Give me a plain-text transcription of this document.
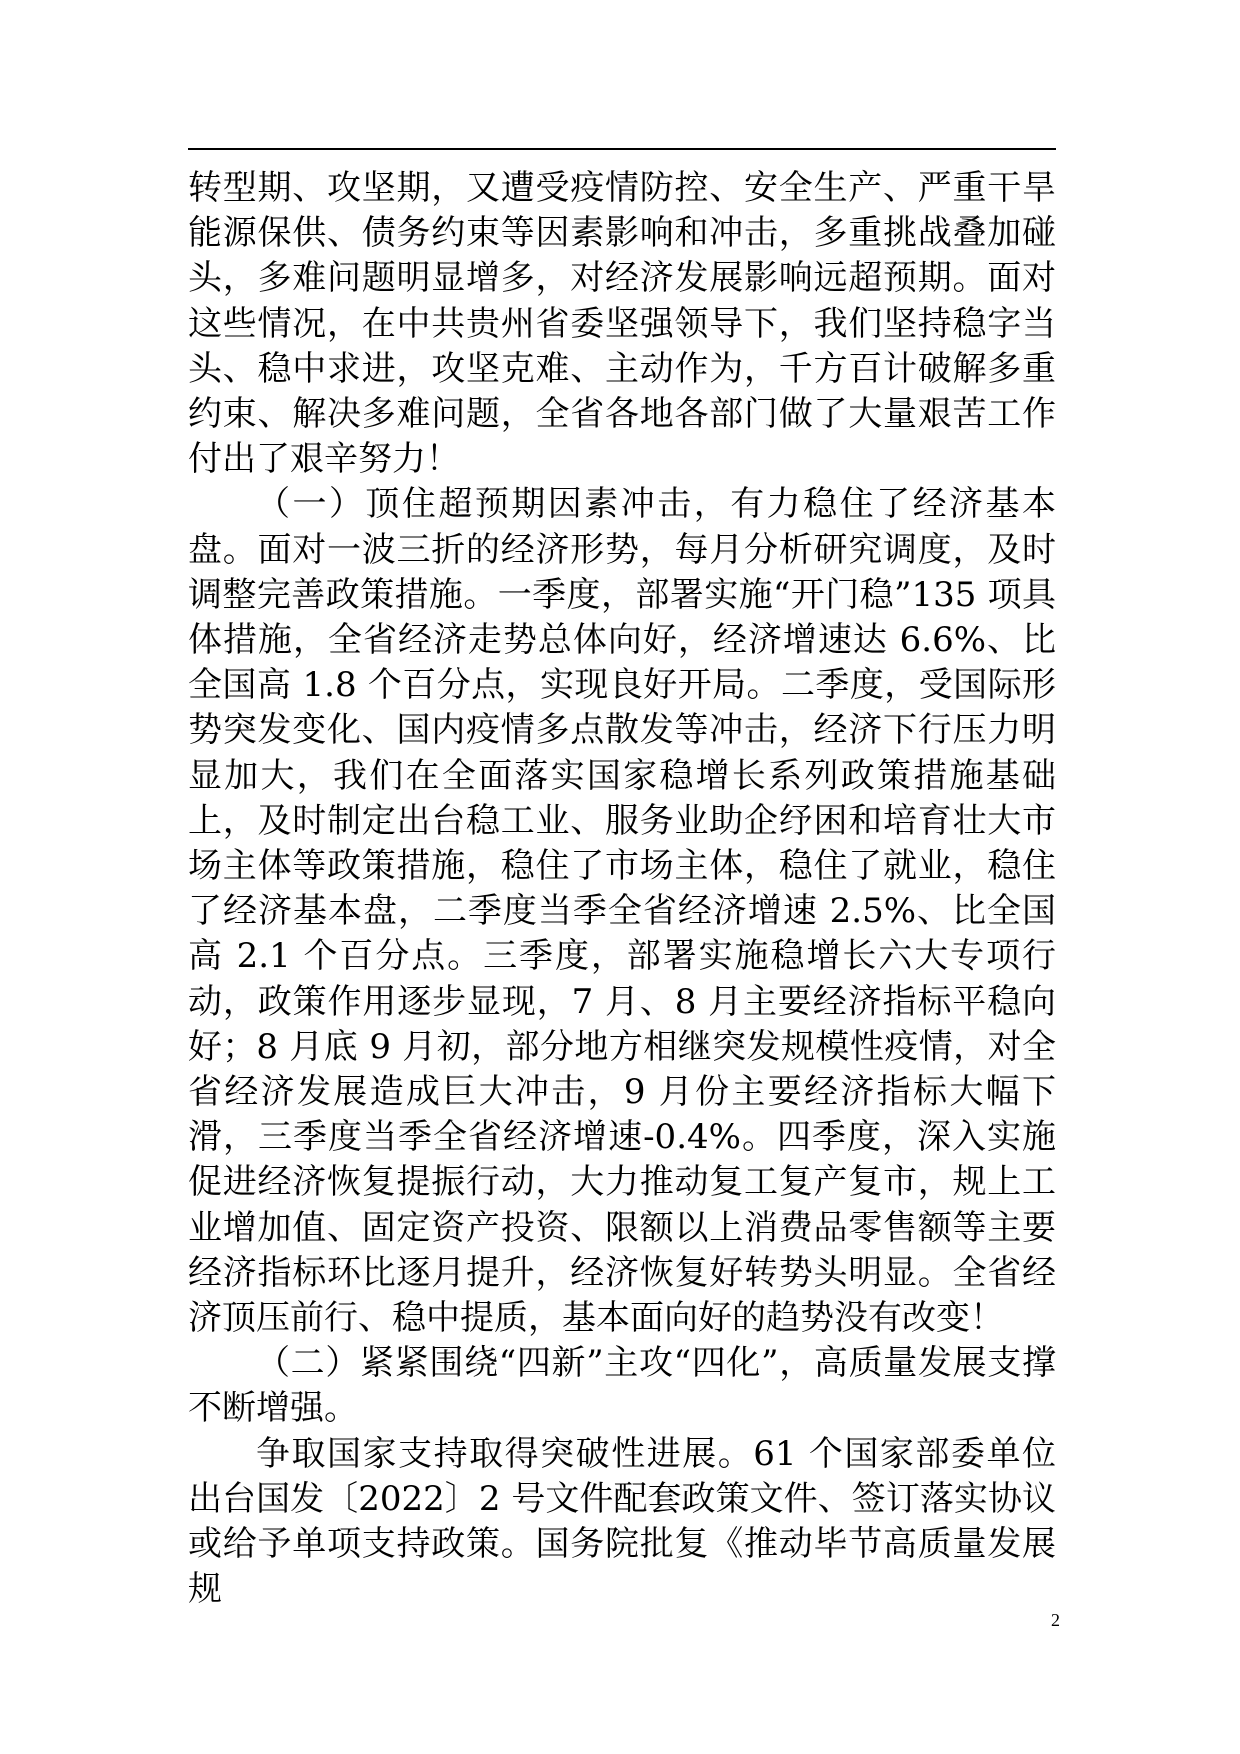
转型期、攻坚期，又遭受疫情防控、安全生产、严重干旱能源保供、债务约束等因素影响和冲击，多重挑战叠加碰头，多难问题明显增多，对经济发展影响远超预期。面对这些情况，在中共贵州省委坚强领导下，我们坚持稳字当头、稳中求进，攻坚克难、主动作为，千方百计破解多重约束、解决多难问题，全省各地各部门做了大量艰苦工作付出了艰辛努力！

（一）顶住超预期因素冲击，有力稳住了经济基本盘。面对一波三折的经济形势，每月分析研究调度，及时调整完善政策措施。一季度，部署实施“开门稳”135 项具体措施，全省经济走势总体向好，经济增速达 6.6%、比全国高 1.8 个百分点，实现良好开局。二季度，受国际形势突发变化、国内疫情多点散发等冲击，经济下行压力明显加大，我们在全面落实国家稳增长系列政策措施基础上，及时制定出台稳工业、服务业助企纾困和培育壮大市场主体等政策措施，稳住了市场主体，稳住了就业，稳住了经济基本盘，二季度当季全省经济增速 2.5%、比全国高 2.1 个百分点。三季度，部署实施稳增长六大专项行动，政策作用逐步显现，7 月、8 月主要经济指标平稳向好；8 月底 9 月初，部分地方相继突发规模性疫情，对全省经济发展造成巨大冲击，9 月份主要经济指标大幅下滑，三季度当季全省经济增速-0.4%。四季度，深入实施促进经济恢复提振行动，大力推动复工复产复市，规上工业增加值、固定资产投资、限额以上消费品零售额等主要经济指标环比逐月提升，经济恢复好转势头明显。全省经济顶压前行、稳中提质，基本面向好的趋势没有改变！

（二）紧紧围绕“四新”主攻“四化”，高质量发展支撑不断增强。

争取国家支持取得突破性进展。61 个国家部委单位出台国发〔2022〕2 号文件配套政策文件、签订落实协议或给予单项支持政策。国务院批复《推动毕节高质量发展规

2
